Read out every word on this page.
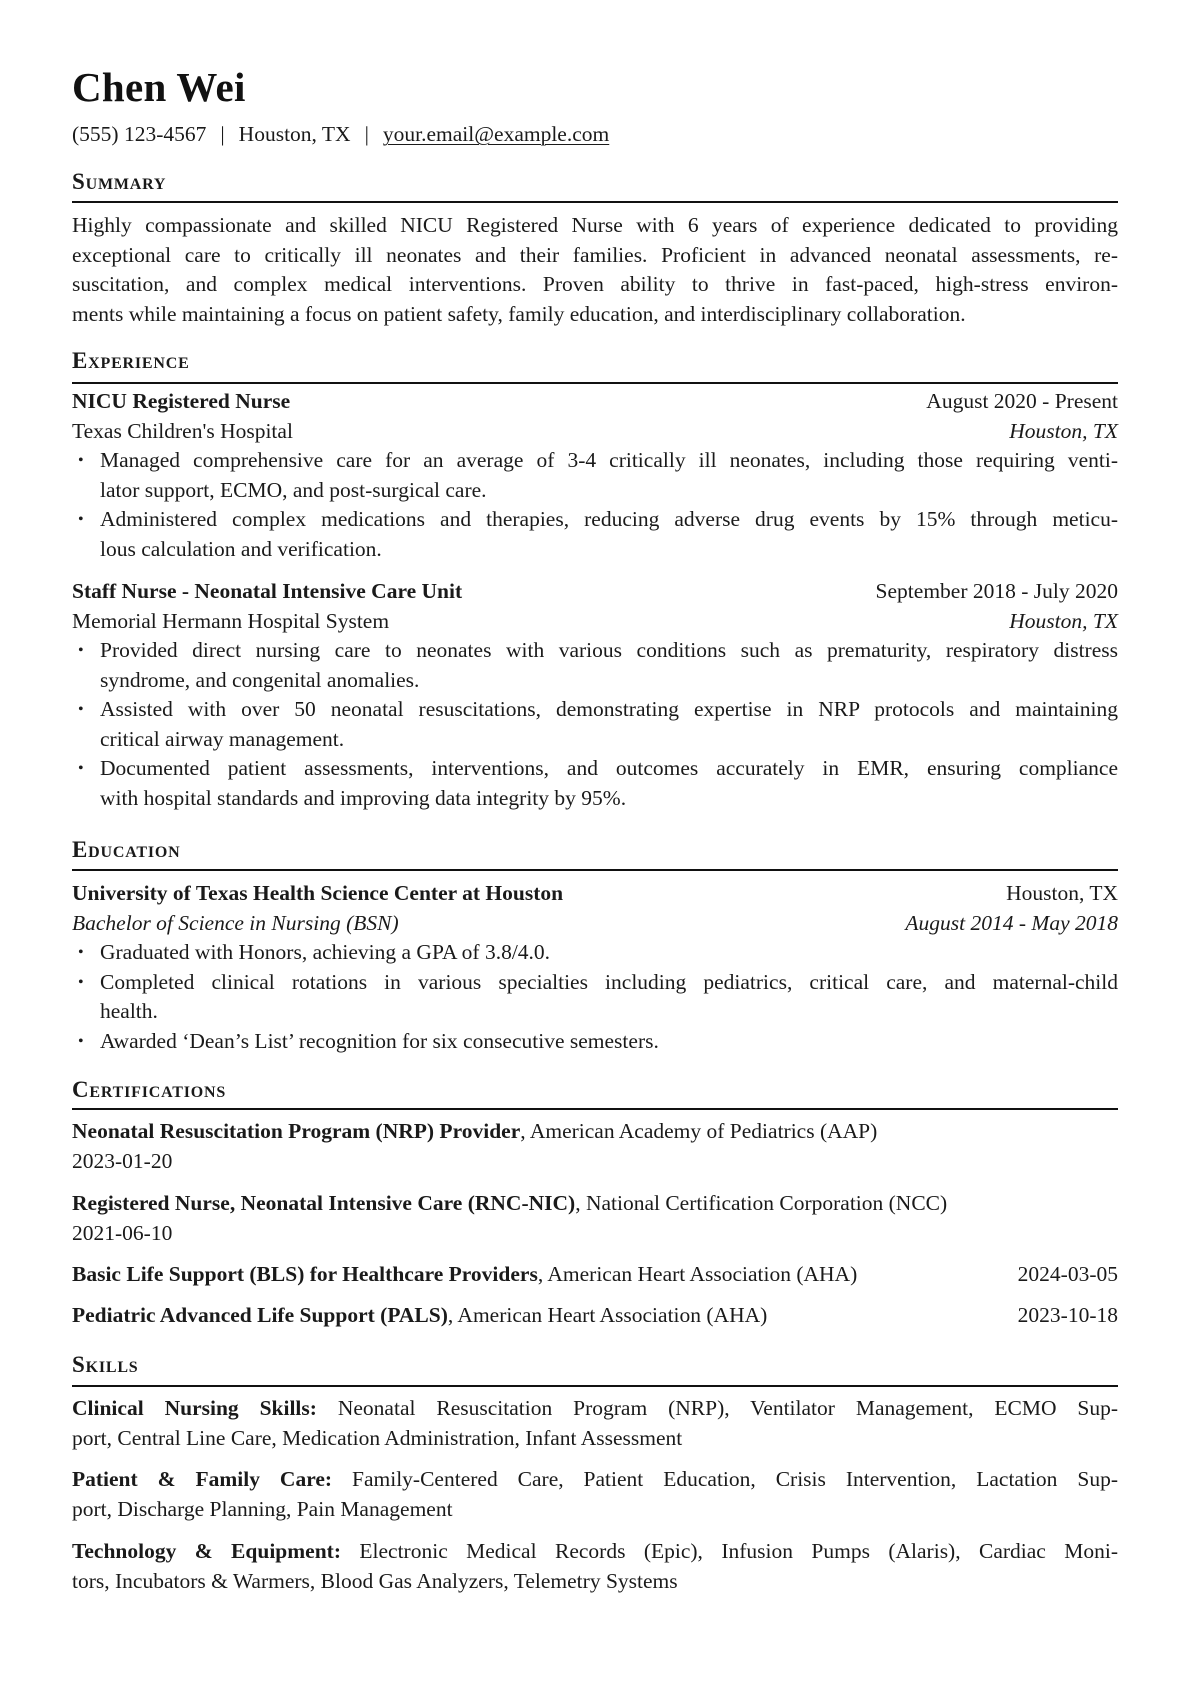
Chen Wei
(555) 123-4567 | Houston, TX | your.email@example.com
Summary
Highly compassionate and skilled NICU Registered Nurse with 6 years of experience dedicated to providing
exceptional care to critically ill neonates and their families. Proficient in advanced neonatal assessments, re-
suscitation, and complex medical interventions. Proven ability to thrive in fast-paced, high-stress environ-
ments while maintaining a focus on patient safety, family education, and interdisciplinary collaboration.
Experience
NICU Registered Nurse	August 2020 - Present
Texas Children's Hospital	Houston, TX
• Managed comprehensive care for an average of 3-4 critically ill neonates, including those requiring venti-
lator support, ECMO, and post-surgical care.
• Administered complex medications and therapies, reducing adverse drug events by 15% through meticu-
lous calculation and verification.
Staff Nurse - Neonatal Intensive Care Unit	September 2018 - July 2020
Memorial Hermann Hospital System	Houston, TX
• Provided direct nursing care to neonates with various conditions such as prematurity, respiratory distress
syndrome, and congenital anomalies.
• Assisted with over 50 neonatal resuscitations, demonstrating expertise in NRP protocols and maintaining
critical airway management.
• Documented patient assessments, interventions, and outcomes accurately in EMR, ensuring compliance
with hospital standards and improving data integrity by 95%.
Education
University of Texas Health Science Center at Houston	Houston, TX
Bachelor of Science in Nursing (BSN)	August 2014 - May 2018
• Graduated with Honors, achieving a GPA of 3.8/4.0.
• Completed clinical rotations in various specialties including pediatrics, critical care, and maternal-child
health.
• Awarded ‘Dean’s List’ recognition for six consecutive semesters.
Certifications
Neonatal Resuscitation Program (NRP) Provider, American Academy of Pediatrics (AAP)
2023-01-20
Registered Nurse, Neonatal Intensive Care (RNC-NIC), National Certification Corporation (NCC)
2021-06-10
Basic Life Support (BLS) for Healthcare Providers, American Heart Association (AHA)	2024-03-05
Pediatric Advanced Life Support (PALS), American Heart Association (AHA)	2023-10-18
Skills
Clinical Nursing Skills: Neonatal Resuscitation Program (NRP), Ventilator Management, ECMO Sup-
port, Central Line Care, Medication Administration, Infant Assessment
Patient & Family Care: Family-Centered Care, Patient Education, Crisis Intervention, Lactation Sup-
port, Discharge Planning, Pain Management
Technology & Equipment: Electronic Medical Records (Epic), Infusion Pumps (Alaris), Cardiac Moni-
tors, Incubators & Warmers, Blood Gas Analyzers, Telemetry Systems
